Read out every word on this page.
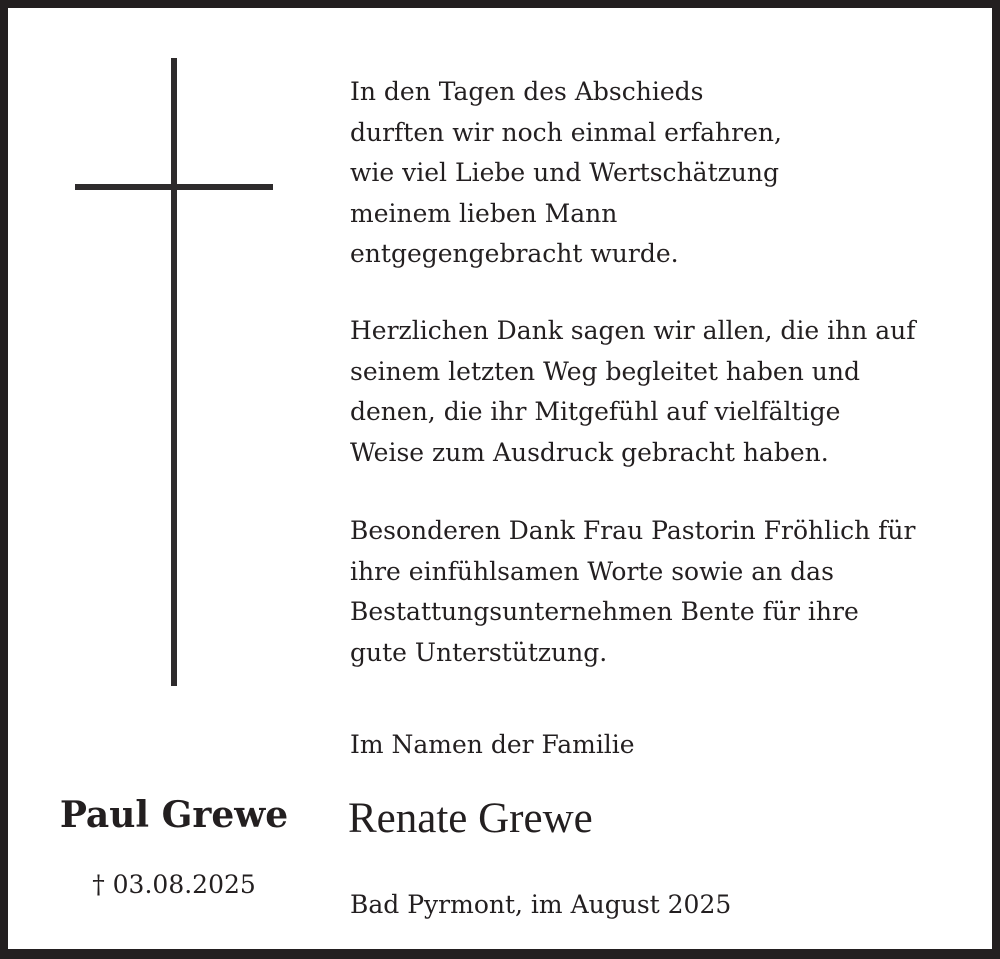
In den Tagen des Abschieds
durften wir noch einmal erfahren,
wie viel Liebe und Wertschätzung
meinem lieben Mann
entgegengebracht wurde.
Herzlichen Dank sagen wir allen, die ihn auf
seinem letzten Weg begleitet haben und
denen, die ihr Mitgefühl auf vielfältige
Weise zum Ausdruck gebracht haben.
Besonderen Dank Frau Pastorin Fröhlich für
ihre einfühlsamen Worte sowie an das
Bestattungsunternehmen Bente für ihre
gute Unterstützung.
Im Namen der Familie
Renate Grewe
Paul Grewe
† 03.08.2025
Bad Pyrmont, im August 2025
